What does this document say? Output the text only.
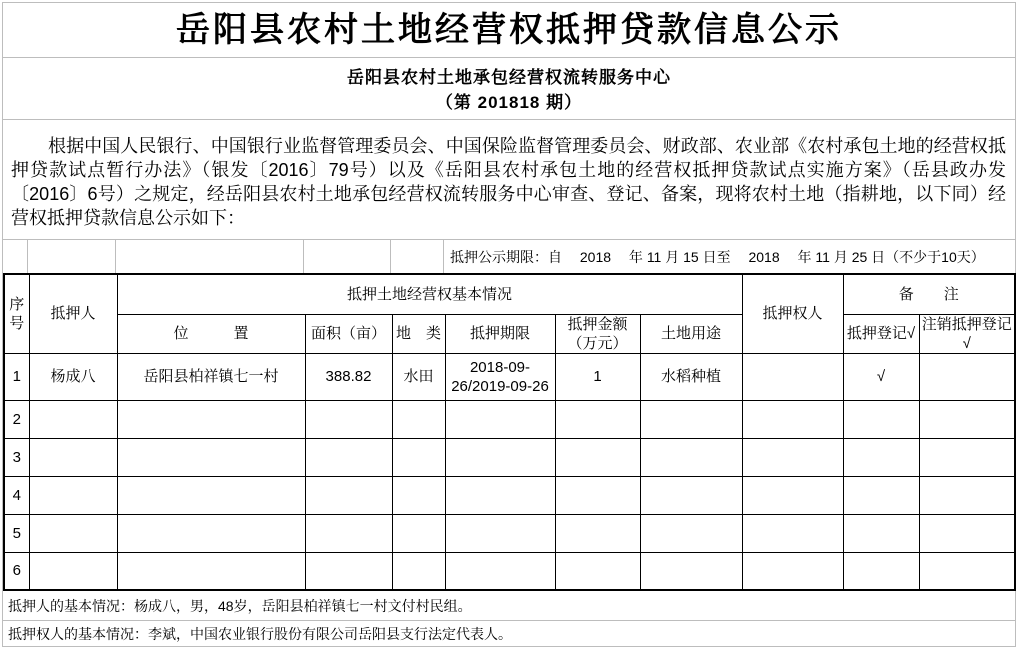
岳阳县农村土地经营权抵押贷款信息公示
岳阳县农村土地承包经营权流转服务中心
（第 201818 期）

根据中国人民银行、中国银行业监督管理委员会、中国保险监督管理委员会、财政部、农业部《农村承包土地的经营权抵押贷款试点暂行办法》（银发〔2016〕79号）以及《岳阳县农村承包土地的经营权抵押贷款试点实施方案》（岳县政办发〔2016〕6号）之规定，经岳阳县农村土地承包经营权流转服务中心审查、登记、备案，现将农村土地（指耕地，以下同）经营权抵押贷款信息公示如下：

抵押公示期限：自　 2018 　年 11 月 15 日至　 2018 　年 11 月 25 日（不少于10天）
序号	抵押人	抵押土地经营权基本情况						抵押权人	备　　注	
		位　　　置	面积（亩）	地　类	抵押期限	抵押金额（万元）	土地用途		抵押登记√	注销抵押登记√
1	杨成八	岳阳县柏祥镇七一村	388.82	水田	2018-09-26/2019-09-26	1	水稻种植		√	
2										
3										
4										
5										
6										
抵押人的基本情况：杨成八，男，48岁，岳阳县柏祥镇七一村文付村民组。
抵押权人的基本情况：李斌，中国农业银行股份有限公司岳阳县支行法定代表人。
